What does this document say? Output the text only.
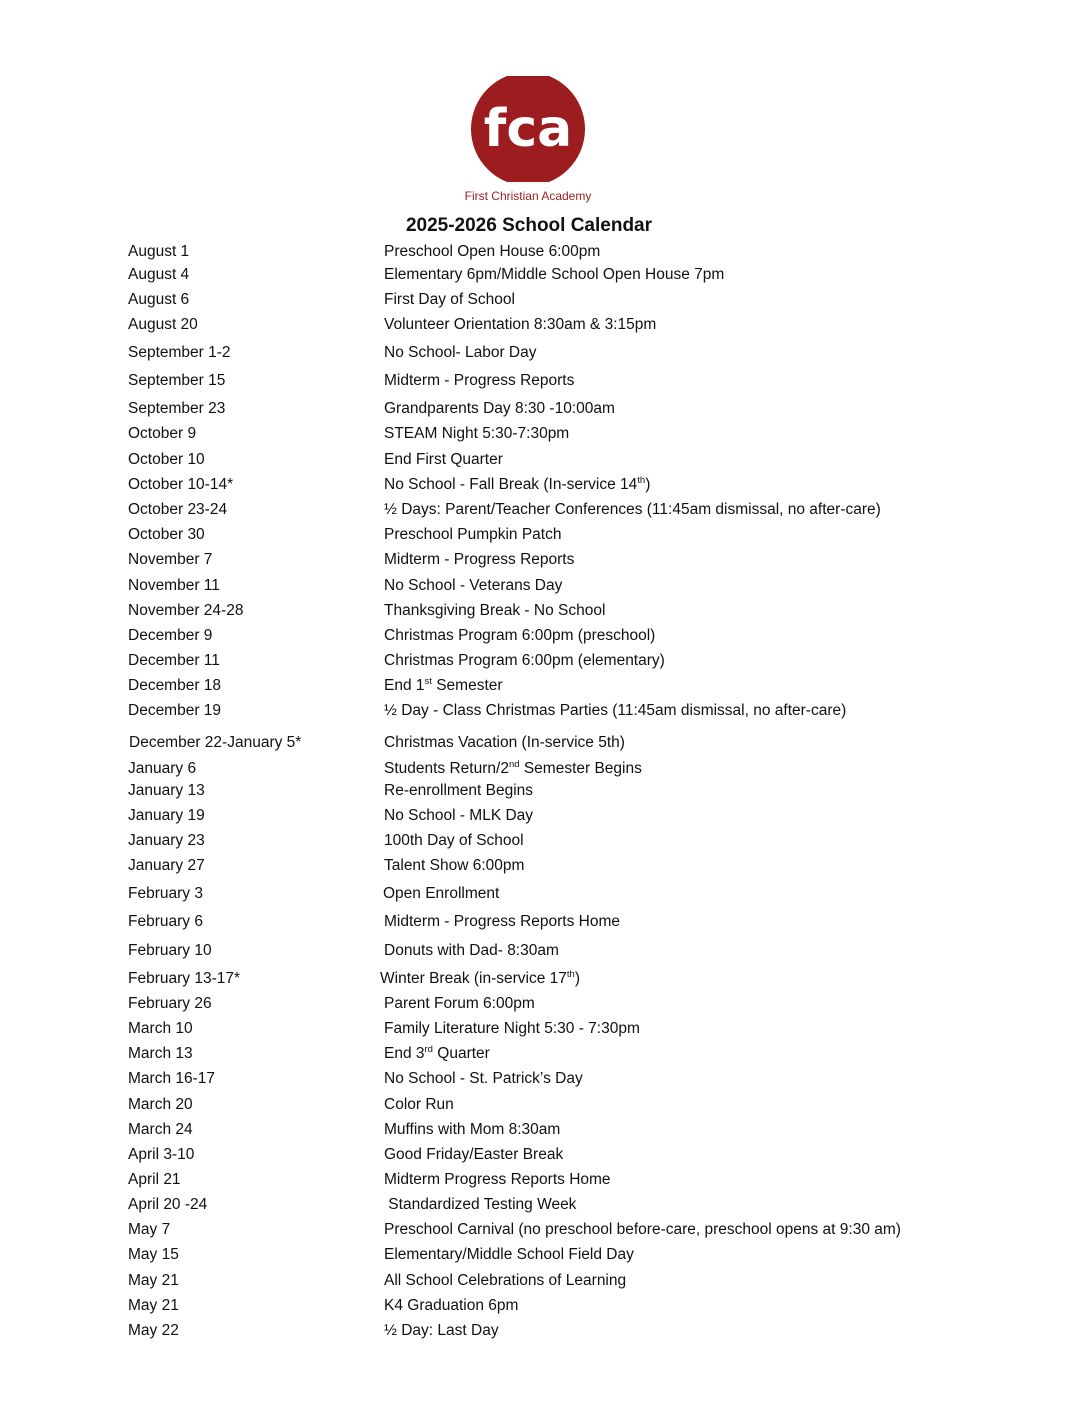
fca
First Christian Academy
2025-2026 School Calendar
August 1	Preschool Open House 6:00pm
August 4	Elementary 6pm/Middle School Open House 7pm
August 6	First Day of School
August 20	Volunteer Orientation 8:30am & 3:15pm
September 1-2	No School- Labor Day
September 15	Midterm - Progress Reports
September 23	Grandparents Day 8:30 -10:00am
October 9	STEAM Night 5:30-7:30pm
October 10	End First Quarter
October 10-14*	No School - Fall Break (In-service 14th)
October 23-24	½ Days: Parent/Teacher Conferences (11:45am dismissal, no after-care)
October 30	Preschool Pumpkin Patch
November 7	Midterm - Progress Reports
November 11	No School - Veterans Day
November 24-28	Thanksgiving Break - No School
December 9	Christmas Program 6:00pm (preschool)
December 11	Christmas Program 6:00pm (elementary)
December 18	End 1st Semester
December 19	½ Day - Class Christmas Parties (11:45am dismissal, no after-care)
December 22-January 5*	Christmas Vacation (In-service 5th)
January 6	Students Return/2nd Semester Begins
January 13	Re-enrollment Begins
January 19	No School - MLK Day
January 23	100th Day of School
January 27	Talent Show 6:00pm
February 3	Open Enrollment
February 6	Midterm - Progress Reports Home
February 10	Donuts with Dad- 8:30am
February 13-17*	Winter Break (in-service 17th)
February 26	Parent Forum 6:00pm
March 10	Family Literature Night 5:30 - 7:30pm
March 13	End 3rd Quarter
March 16-17	No School - St. Patrick’s Day
March 20	Color Run
March 24	Muffins with Mom 8:30am
April 3-10	Good Friday/Easter Break
April 21	Midterm Progress Reports Home
April 20 -24	Standardized Testing Week
May 7	Preschool Carnival (no preschool before-care, preschool opens at 9:30 am)
May 15	Elementary/Middle School Field Day
May 21	All School Celebrations of Learning
May 21	K4 Graduation 6pm
May 22	½ Day: Last Day
